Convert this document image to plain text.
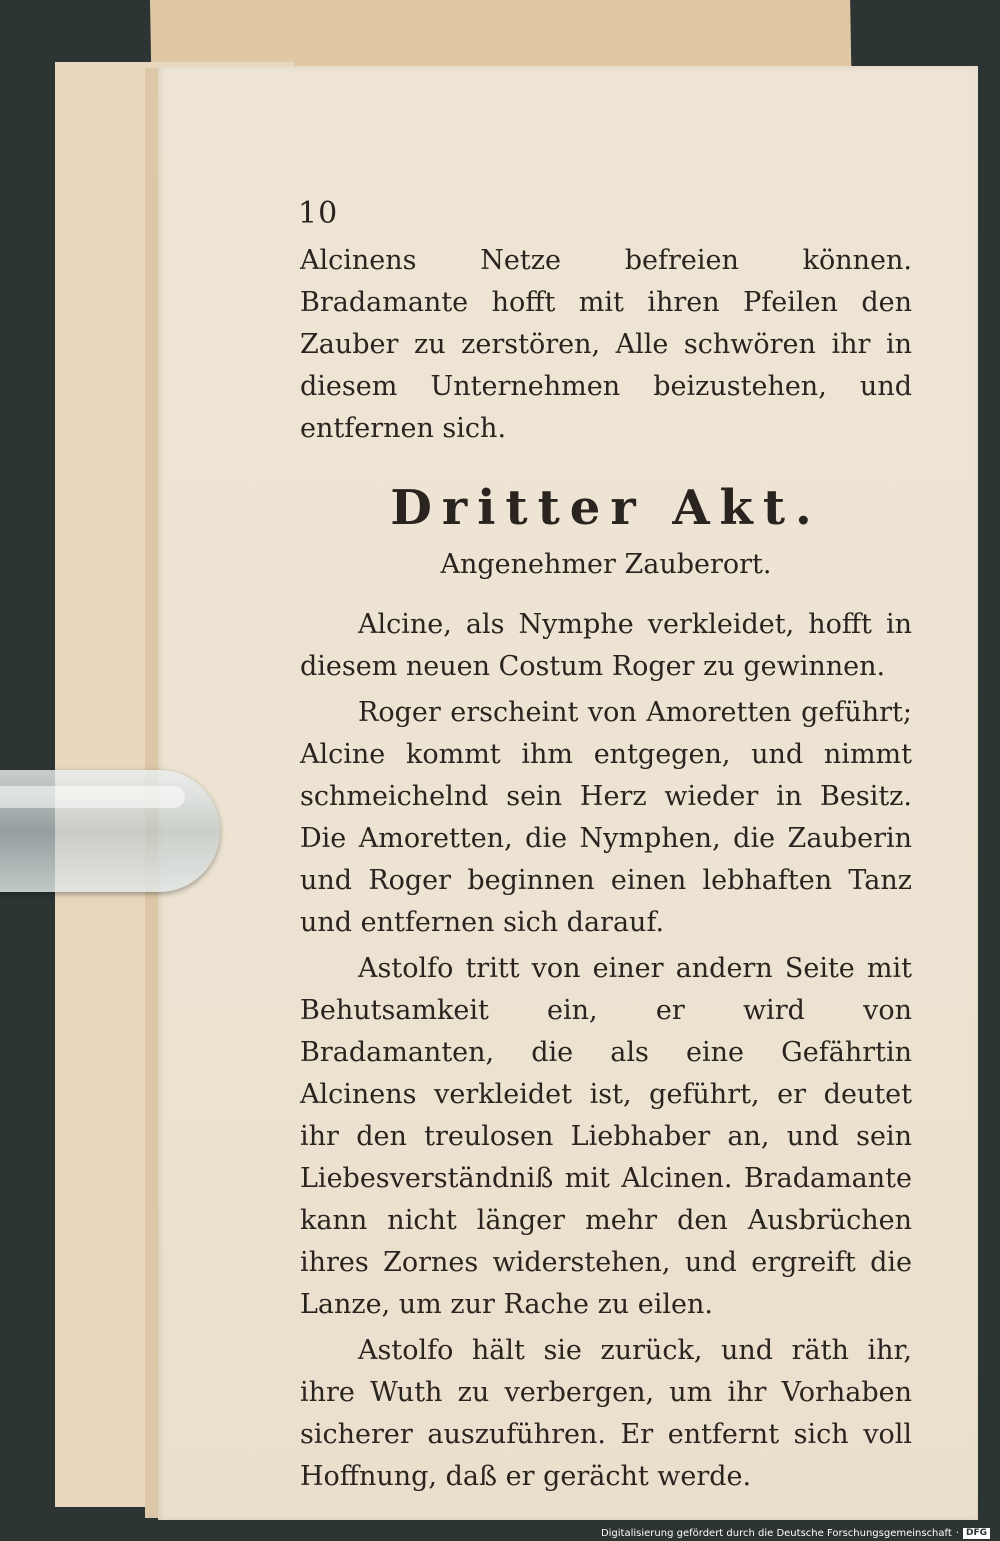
10

Alcinens Netze befreien können. Bradamante hofft mit ihren Pfeilen den Zauber zu zerstören, Alle schwören ihr in diesem Unternehmen beizustehen, und entfernen sich.

Dritter Akt.
Angenehmer Zauberort.

Alcine, als Nymphe verkleidet, hofft in diesem neuen Costum Roger zu gewinnen.

Roger erscheint von Amoretten geführt; Alcine kommt ihm entgegen, und nimmt schmeichelnd sein Herz wieder in Besitz. Die Amoretten, die Nymphen, die Zauberin und Roger beginnen einen lebhaften Tanz und entfernen sich darauf.

Astolfo tritt von einer andern Seite mit Behutsamkeit ein, er wird von Bradamanten, die als eine Gefährtin Alcinens verkleidet ist, geführt, er deutet ihr den treulosen Liebhaber an, und sein Liebesverständniß mit Alcinen. Bradamante kann nicht länger mehr den Ausbrüchen ihres Zornes widerstehen, und ergreift die Lanze, um zur Rache zu eilen.

Astolfo hält sie zurück, und räth ihr, ihre Wuth zu verbergen, um ihr Vorhaben sicherer auszuführen. Er entfernt sich voll Hoffnung, daß er gerächt werde.

Digitalisierung gefördert durch die Deutsche Forschungsgemeinschaft · DFG
